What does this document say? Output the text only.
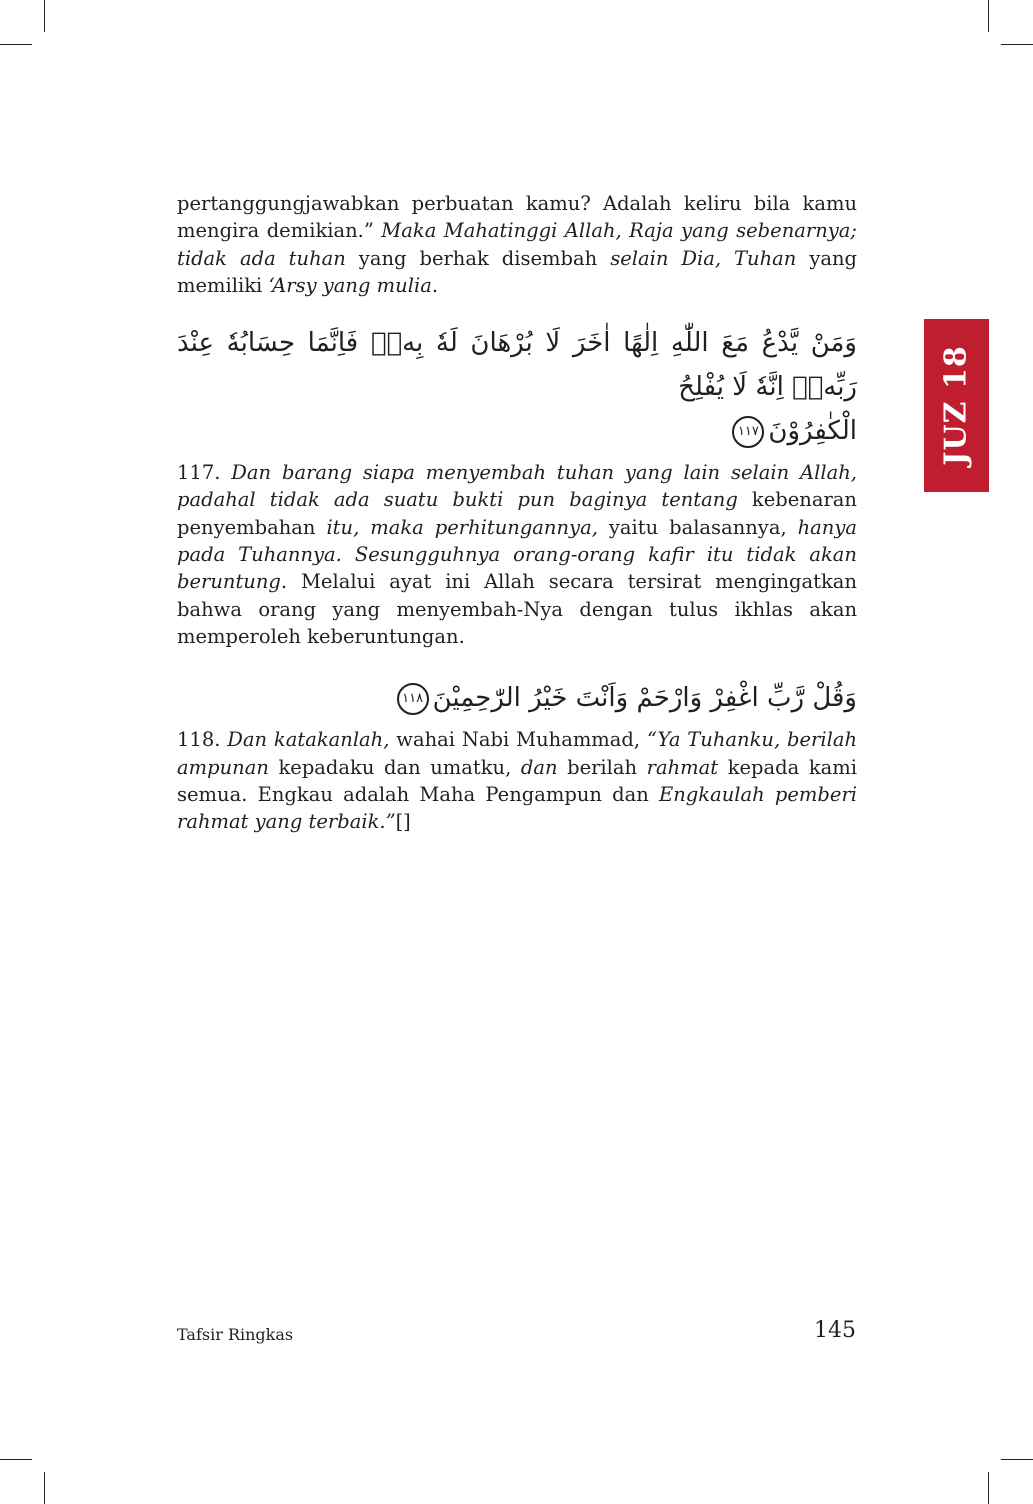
JUZ 18

pertanggungjawabkan perbuatan kamu? Adalah keliru bila kamu mengira demikian.” Maka Mahatinggi Allah, Raja yang sebenarnya; tidak ada tuhan yang berhak disembah selain Dia, Tuhan yang memiliki ‘Arsy yang mulia.

وَمَنْ يَّدْعُ مَعَ اللّٰهِ اِلٰهًا اٰخَرَ لَا بُرْهَانَ لَهٗ بِهٖۙ فَاِنَّمَا حِسَابُهٗ عِنْدَ رَبِّهٖۗ اِنَّهٗ لَا يُفْلِحُ
الْكٰفِرُوْنَ١١٧

117. Dan barang siapa menyembah tuhan yang lain selain Allah, padahal tidak ada suatu bukti pun baginya tentang kebenaran penyembahan itu, maka perhitungannya, yaitu balasannya, hanya pada Tuhannya. Sesungguhnya orang-orang kafir itu tidak akan beruntung. Melalui ayat ini Allah secara tersirat mengingatkan bahwa orang yang menyembah-Nya dengan tulus ikhlas akan memperoleh keberuntungan.

وَقُلْ رَّبِّ اغْفِرْ وَارْحَمْ وَاَنْتَ خَيْرُ الرّٰحِمِيْنَ١١٨

118. Dan katakanlah, wahai Nabi Muhammad, “Ya Tuhanku, berilah ampunan kepadaku dan umatku, dan berilah rahmat kepada kami semua. Engkau adalah Maha Pengampun dan Engkaulah pemberi rahmat yang terbaik.”[]

Tafsir Ringkas	145
